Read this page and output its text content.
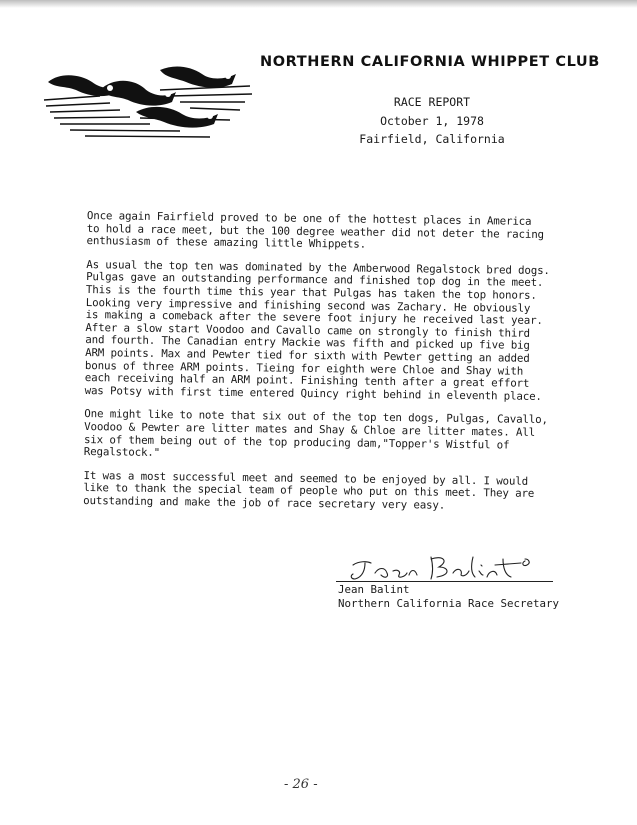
NORTHERN CALIFORNIA WHIPPET CLUB
RACE REPORT
October 1, 1978
Fairfield, California

Once again Fairfield proved to be one of the hottest places in America
to hold a race meet, but the 100 degree weather did not deter the racing
enthusiasm of these amazing little Whippets.

As usual the top ten was dominated by the Amberwood Regalstock bred dogs.
Pulgas gave an outstanding performance and finished top dog in the meet.
This is the fourth time this year that Pulgas has taken the top honors.
Looking very impressive and finishing second was Zachary. He obviously
is making a comeback after the severe foot injury he received last year.
After a slow start Voodoo and Cavallo came on strongly to finish third
and fourth. The Canadian entry Mackie was fifth and picked up five big
ARM points. Max and Pewter tied for sixth with Pewter getting an added
bonus of three ARM points. Tieing for eighth were Chloe and Shay with
each receiving half an ARM point. Finishing tenth after a great effort
was Potsy with first time entered Quincy right behind in eleventh place.

One might like to note that six out of the top ten dogs, Pulgas, Cavallo,
Voodoo & Pewter are litter mates and Shay & Chloe are litter mates. All
six of them being out of the top producing dam,"Topper's Wistful of
Regalstock."

It was a most successful meet and seemed to be enjoyed by all. I would
like to thank the special team of people who put on this meet. They are
outstanding and make the job of race secretary very easy.

Jean Balint
Northern California Race Secretary
- 26 -
